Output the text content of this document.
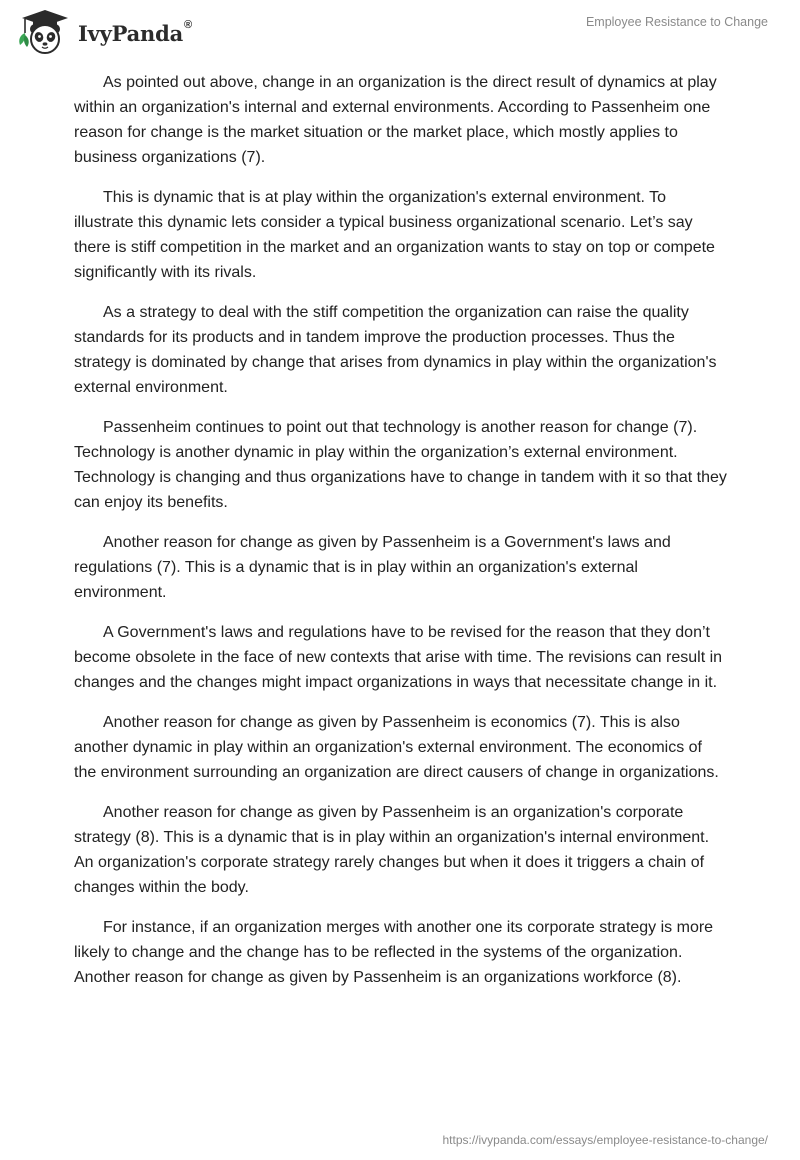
IvyPanda®	Employee Resistance to Change

As pointed out above, change in an organization is the direct result of dynamics at play within an organization's internal and external environments. According to Passenheim one reason for change is the market situation or the market place, which mostly applies to business organizations (7).

This is dynamic that is at play within the organization's external environment. To illustrate this dynamic lets consider a typical business organizational scenario. Let’s say there is stiff competition in the market and an organization wants to stay on top or compete significantly with its rivals.

As a strategy to deal with the stiff competition the organization can raise the quality standards for its products and in tandem improve the production processes. Thus the strategy is dominated by change that arises from dynamics in play within the organization's external environment.

Passenheim continues to point out that technology is another reason for change (7). Technology is another dynamic in play within the organization’s external environment. Technology is changing and thus organizations have to change in tandem with it so that they can enjoy its benefits.

Another reason for change as given by Passenheim is a Government's laws and regulations (7). This is a dynamic that is in play within an organization's external environment.

A Government's laws and regulations have to be revised for the reason that they don’t become obsolete in the face of new contexts that arise with time. The revisions can result in changes and the changes might impact organizations in ways that necessitate change in it.

Another reason for change as given by Passenheim is economics (7). This is also another dynamic in play within an organization's external environment. The economics of the environment surrounding an organization are direct causers of change in organizations.

Another reason for change as given by Passenheim is an organization's corporate strategy (8). This is a dynamic that is in play within an organization's internal environment. An organization's corporate strategy rarely changes but when it does it triggers a chain of changes within the body.

For instance, if an organization merges with another one its corporate strategy is more likely to change and the change has to be reflected in the systems of the organization. Another reason for change as given by Passenheim is an organizations workforce (8).

https://ivypanda.com/essays/employee-resistance-to-change/
